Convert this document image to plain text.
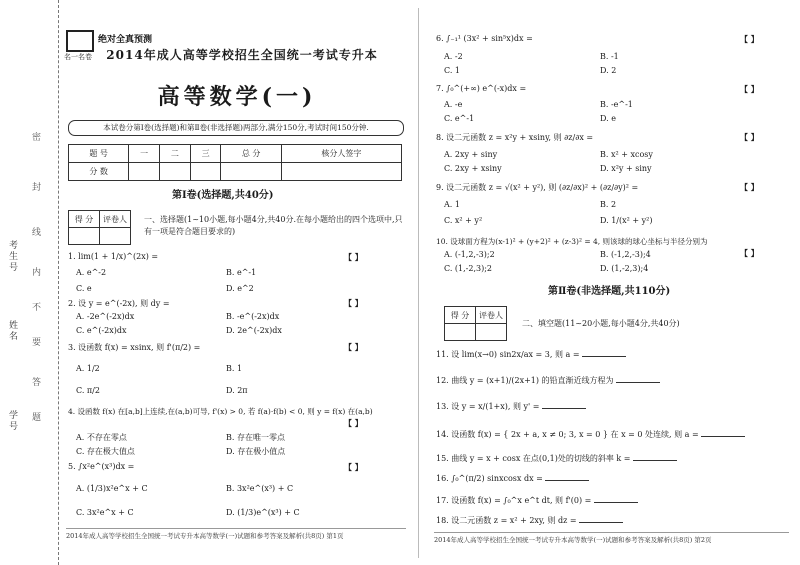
考生号
姓名
学号
密
封
线
内
不
要
答
题
名一名卷
绝对全真预测
2014年成人高等学校招生全国统一考试专升本
高等数学(一)
本试卷分第Ⅰ卷(选择题)和第Ⅱ卷(非选择题)两部分,满分150分,考试时间150分钟.
题 号	一	二	三	总 分	核分人签字
分 数					
第Ⅰ卷(选择题,共40分)
得 分	评卷人
	一、选择题(1~10小题,每小题4分,共40分.在每小题给出的四个选项中,只有一项是符合题目要求的)
1. lim(1 + 1/x)^(2x) =	【 】
A. e^-2	B. e^-1
C. e	D. e^2
2. 设 y = e^(-2x), 则 dy =	【 】
A. -2e^(-2x)dx	B. -e^(-2x)dx
C. e^(-2x)dx	D. 2e^(-2x)dx
3. 设函数 f(x) = xsinx, 则 f'(π/2) =	【 】
A. 1/2	B. 1
C. π/2	D. 2π
4. 设函数 f(x) 在[a,b]上连续,在(a,b)可导, f'(x) > 0, 若 f(a)·f(b) < 0, 则 y = f(x) 在(a,b)
【 】
A. 不存在零点	B. 存在唯一零点
C. 存在极大值点	D. 存在极小值点
5. ∫x²e^(x³)dx =	【 】
A. (1/3)x²e^x + C	B. 3x²e^(x³) + C
C. 3x²e^x + C	D. (1/3)e^(x³) + C
2014年成人高等学校招生全国统一考试专升本高等数学(一)试题和参考答案及解析(共8页) 第1页
6. ∫₋₁¹ (3x² + sin⁵x)dx =	【 】
A. -2	B. -1
C. 1	D. 2
7. ∫₀^(+∞) e^(-x)dx =	【 】
A. -e	B. -e^-1
C. e^-1	D. e
8. 设二元函数 z = x²y + xsiny, 则 ∂z/∂x =	【 】
A. 2xy + siny	B. x² + xcosy
C. 2xy + xsiny	D. x²y + siny
9. 设二元函数 z = √(x² + y²), 则 (∂z/∂x)² + (∂z/∂y)² =	【 】
A. 1	B. 2
C. x² + y²	D. 1/(x² + y²)
10. 设球面方程为(x-1)² + (y+2)² + (z-3)² = 4, 则该球的球心坐标与半径分别为
【 】
A. (-1,2,-3);2	B. (-1,2,-3);4
C. (1,-2,3);2	D. (1,-2,3);4
第Ⅱ卷(非选择题,共110分)
得 分	评卷人

二、填空题(11~20小题,每小题4分,共40分)
11. 设 lim(x→0) sin2x/ax = 3, 则 a =
12. 曲线 y = (x+1)/(2x+1) 的铅直渐近线方程为
13. 设 y = x/(1+x), 则 y' =
14. 设函数 f(x) = { 2x + a, x ≠ 0; 3, x = 0 } 在 x = 0 处连续, 则 a =
15. 曲线 y = x + cosx 在点(0,1)处的切线的斜率 k =
16. ∫₀^(π/2) sinxcosx dx =
17. 设函数 f(x) = ∫₀^x e^t dt, 则 f'(0) =
18. 设二元函数 z = x² + 2xy, 则 dz =
2014年成人高等学校招生全国统一考试专升本高等数学(一)试题和参考答案及解析(共8页) 第2页
